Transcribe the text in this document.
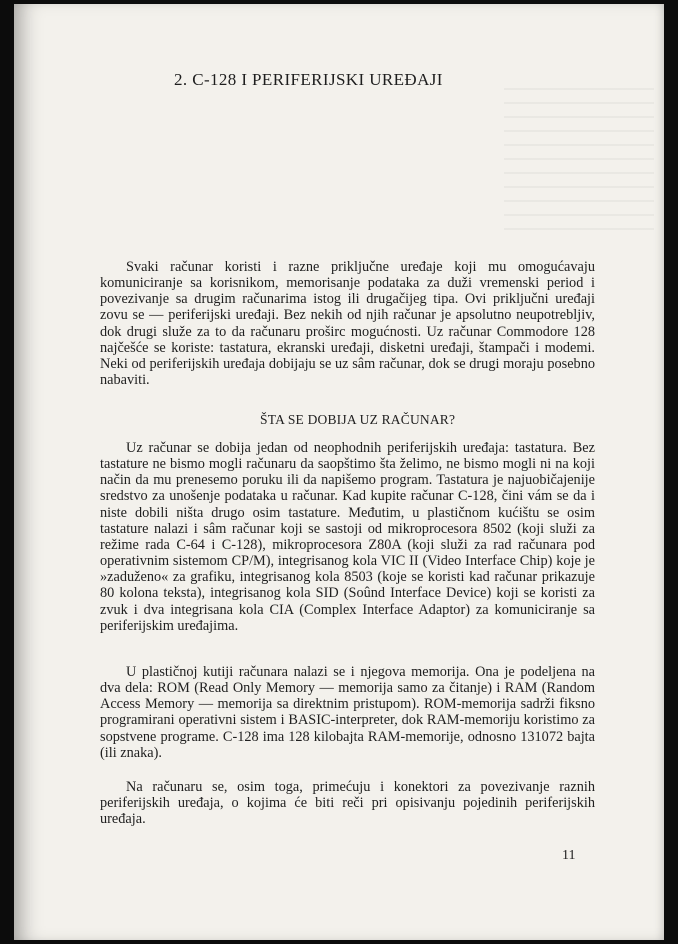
2. C-128 I PERIFERIJSKI UREĐAJI

Svaki računar koristi i razne priključne uređaje koji mu omogućavaju komuniciranje sa korisnikom, memorisanje podataka za duži vremenski period i povezivanje sa drugim računarima istog ili drugačijeg tipa. Ovi priključni uređaji zovu se — periferijski uređaji. Bez nekih od njih računar je apsolutno neupotrebljiv, dok drugi služe za to da računaru proširc mogućnosti. Uz računar Commodore 128 najčešće se koriste: tastatura, ekranski uređaji, disketni uređaji, štampači i modemi. Neki od periferijskih uređaja dobijaju se uz sâm računar, dok se drugi moraju posebno nabaviti.

ŠTA SE DOBIJA UZ RAČUNAR?

Uz računar se dobija jedan od neophodnih periferijskih uređaja: tastatura. Bez tastature ne bismo mogli računaru da saopštimo šta želimo, ne bismo mogli ni na koji način da mu prenesemo poruku ili da napišemo program. Tastatura je najuobičajenije sredstvo za unošenje podataka u računar. Kad kupite računar C-128, čini vám se da i niste dobili ništa drugo osim tastature. Međutim, u plastičnom kućištu se osim tastature nalazi i sâm računar koji se sastoji od mikroprocesora 8502 (koji služi za režime rada C-64 i C-128), mikroprocesora Z80A (koji služi za rad računara pod operativnim sistemom CP/M), integrisanog kola VIC II (Video Interface Chip) koje je »zaduženo« za grafiku, integrisanog kola 8503 (koje se koristi kad računar prikazuje 80 kolona teksta), integrisanog kola SID (Soûnd Interface Device) koji se koristi za zvuk i dva integrisana kola CIA (Complex Interface Adaptor) za komuniciranje sa periferijskim uređajima.

U plastičnoj kutiji računara nalazi se i njegova memorija. Ona je podeljena na dva dela: ROM (Read Only Memory — memorija samo za čitanje) i RAM (Random Access Memory — memorija sa direktnim pristupom). ROM-memorija sadrži fiksno programirani operativni sistem i BASIC-interpreter, dok RAM-memoriju koristimo za sopstvene programe. C-128 ima 128 kilobajta RAM-memorije, odnosno 131072 bajta (ili znaka).

Na računaru se, osim toga, primećuju i konektori za povezivanje raznih periferijskih uređaja, o kojima će biti reči pri opisivanju pojedinih periferijskih uređaja.

11
